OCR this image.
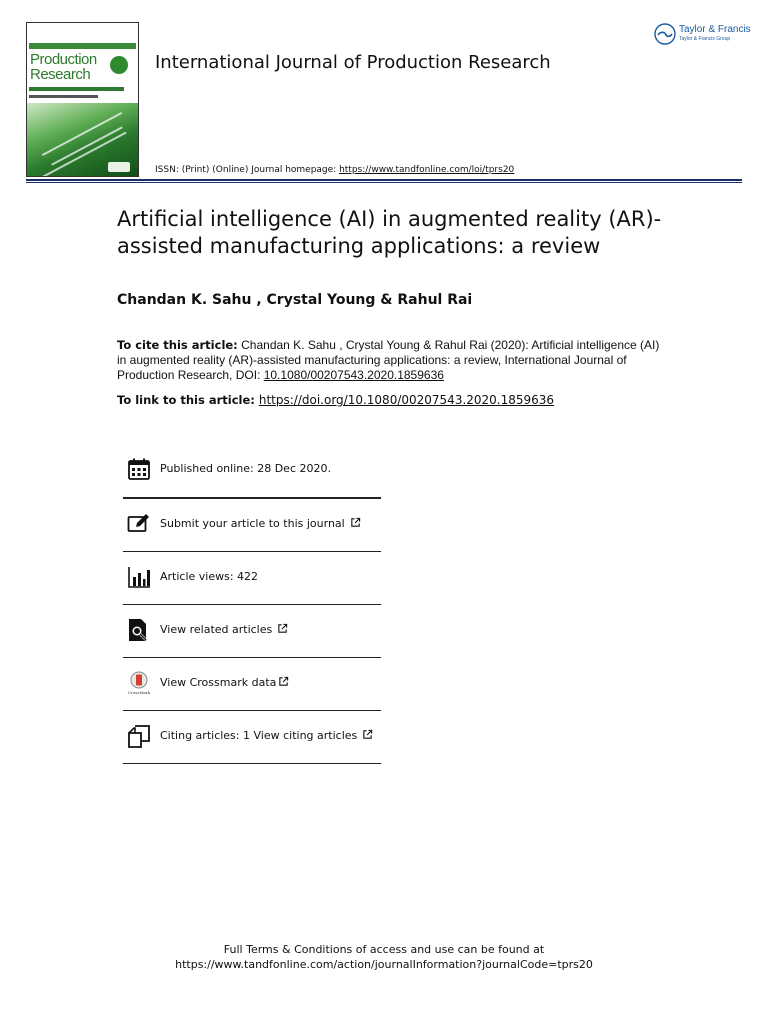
Production
Research
International Journal of Production Research
Taylor & Francis
Taylor & Francis Group
ISSN: (Print) (Online) Journal homepage: https://www.tandfonline.com/loi/tprs20
Artificial intelligence (AI) in augmented reality (AR)-assisted manufacturing applications: a review
Chandan K. Sahu , Crystal Young & Rahul Rai
To cite this article: Chandan K. Sahu , Crystal Young & Rahul Rai (2020): Artificial intelligence (AI) in augmented reality (AR)-assisted manufacturing applications: a review, International Journal of Production Research, DOI: 10.1080/00207543.2020.1859636
To link to this article: https://doi.org/10.1080/00207543.2020.1859636
Published online: 28 Dec 2020.
Submit your article to this journal
Article views: 422
View related articles
CrossMark
View Crossmark data
Citing articles: 1 View citing articles
Full Terms & Conditions of access and use can be found at
https://www.tandfonline.com/action/journalInformation?journalCode=tprs20
